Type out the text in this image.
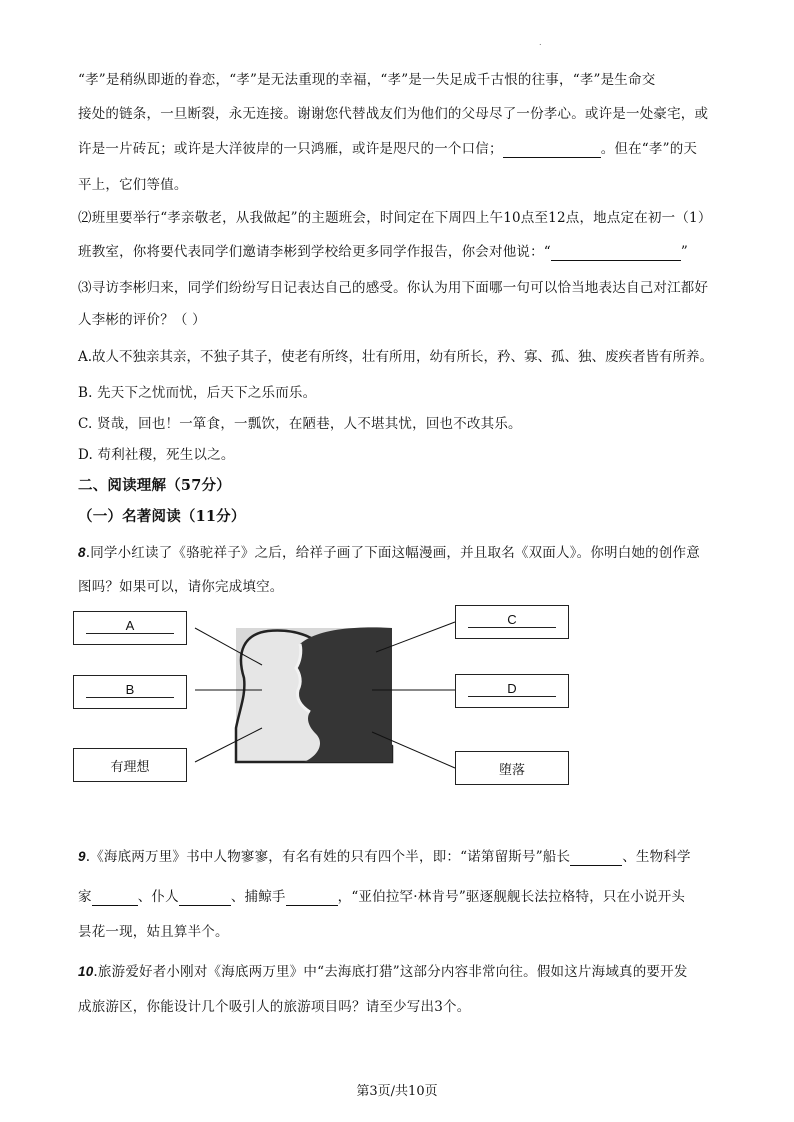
.
“孝”是稍纵即逝的眷恋，“孝”是无法重现的幸福，“孝”是一失足成千古恨的往事，“孝”是生命交
接处的链条，一旦断裂，永无连接。谢谢您代替战友们为他们的父母尽了一份孝心。或许是一处豪宅，或
许是一片砖瓦；或许是大洋彼岸的一只鸿雁，或许是咫尺的一个口信；	。但在“孝”的天
平上，它们等值。
⑵班里要举行“孝亲敬老，从我做起”的主题班会，时间定在下周四上午10点至12点，地点定在初一（1）
班教室，你将要代表同学们邀请李彬到学校给更多同学作报告，你会对他说：“	”
⑶寻访李彬归来，同学们纷纷写日记表达自己的感受。你认为用下面哪一句可以恰当地表达自己对江都好
人李彬的评价？（ ）
A.故人不独亲其亲，不独子其子，使老有所终，壮有所用，幼有所长，矜、寡、孤、独、废疾者皆有所养。
B. 先天下之忧而忧，后天下之乐而乐。
C. 贤哉，回也！一箪食，一瓢饮，在陋巷，人不堪其忧，回也不改其乐。
D. 苟利社稷，死生以之。
二、阅读理解（57分）
（一）名著阅读（11分）
8.同学小红读了《骆驼祥子》之后，给祥子画了下面这幅漫画，并且取名《双面人》。你明白她的创作意
图吗？如果可以，请你完成填空。
A
B
有理想
C
D
堕落
9.《海底两万里》书中人物寥寥，有名有姓的只有四个半，即：“诺第留斯号”船长	、生物科学
家	、仆人	、捕鲸手	，“亚伯拉罕·林肯号”驱逐舰舰长法拉格特，只在小说开头
昙花一现，姑且算半个。
10.旅游爱好者小刚对《海底两万里》中“去海底打猎”这部分内容非常向往。假如这片海域真的要开发
成旅游区，你能设计几个吸引人的旅游项目吗？请至少写出3个。
第3页/共10页
